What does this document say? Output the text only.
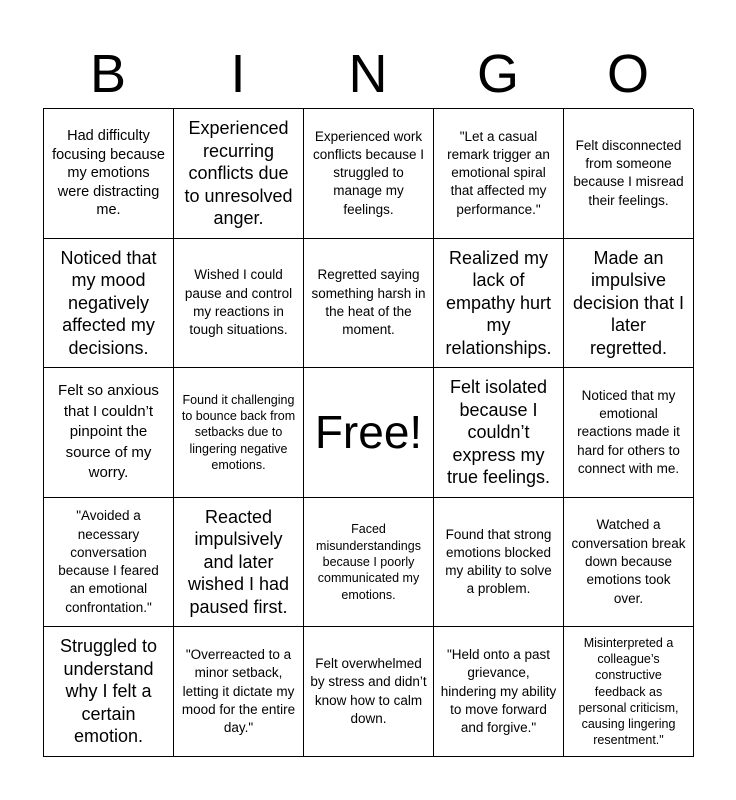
B	I	N	G	O
Had difficulty focusing because my emotions were distracting me.
Experienced recurring conflicts due to unresolved anger.
Experienced work conflicts because I struggled to manage my feelings.
"Let a casual remark trigger an emotional spiral that affected my performance."
Felt disconnected from someone because I misread their feelings.
Noticed that my mood negatively affected my decisions.
Wished I could pause and control my reactions in tough situations.
Regretted saying something harsh in the heat of the moment.
Realized my lack of empathy hurt my relationships.
Made an impulsive decision that I later regretted.
Felt so anxious that I couldn’t pinpoint the source of my worry.
Found it challenging to bounce back from setbacks due to lingering negative emotions.
Free!
Felt isolated because I couldn’t express my true feelings.
Noticed that my emotional reactions made it hard for others to connect with me.
"Avoided a necessary conversation because I feared an emotional confrontation."
Reacted impulsively and later wished I had paused first.
Faced misunderstandings because I poorly communicated my emotions.
Found that strong emotions blocked my ability to solve a problem.
Watched a conversation break down because emotions took over.
Struggled to understand why I felt a certain emotion.
"Overreacted to a minor setback, letting it dictate my mood for the entire day."
Felt overwhelmed by stress and didn’t know how to calm down.
"Held onto a past grievance, hindering my ability to move forward and forgive."
Misinterpreted a colleague’s constructive feedback as personal criticism, causing lingering resentment."
